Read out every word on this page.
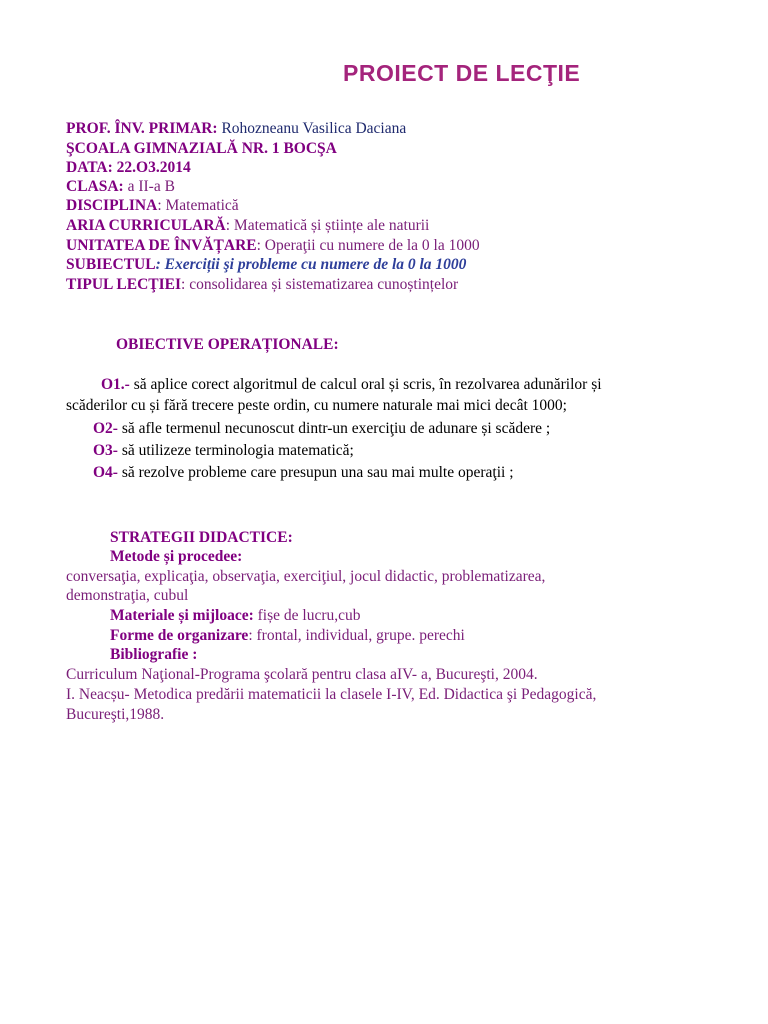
PROIECT DE LECŢIE
PROF. ÎNV. PRIMAR: Rohozneanu Vasilica Daciana
ŞCOALA GIMNAZIALĂ NR. 1 BOCŞA
DATA: 22.O3.2014
CLASA: a II-a B
DISCIPLINA: Matematică
ARIA CURRICULARĂ: Matematică și științe ale naturii
UNITATEA DE ÎNVĂȚARE: Operaţii cu numere de la 0 la 1000
SUBIECTUL: Exerciții şi probleme cu numere de la 0 la 1000
TIPUL LECŢIEI: consolidarea și sistematizarea cunoștințelor
OBIECTIVE OPERAȚIONALE:
O1.- să aplice corect algoritmul de calcul oral și scris, în rezolvarea adunărilor și
scăderilor cu și fără trecere peste ordin, cu numere naturale mai mici decât 1000;
O2- să afle termenul necunoscut dintr-un exerciţiu de adunare și scădere ;
O3- să utilizeze terminologia matematică;
O4- să rezolve probleme care presupun una sau mai multe operaţii ;
STRATEGII DIDACTICE:
Metode și procedee:
conversaţia, explicaţia, observaţia, exerciţiul, jocul didactic, problematizarea,
demonstraţia, cubul
Materiale și mijloace: fișe de lucru,cub
Forme de organizare: frontal, individual, grupe. perechi
Bibliografie :
Curriculum Naţional-Programa şcolară pentru clasa aIV- a, Bucureşti, 2004.
I. Neacșu- Metodica predării matematicii la clasele I-IV, Ed. Didactica şi Pedagogică,
Bucureşti,1988.
